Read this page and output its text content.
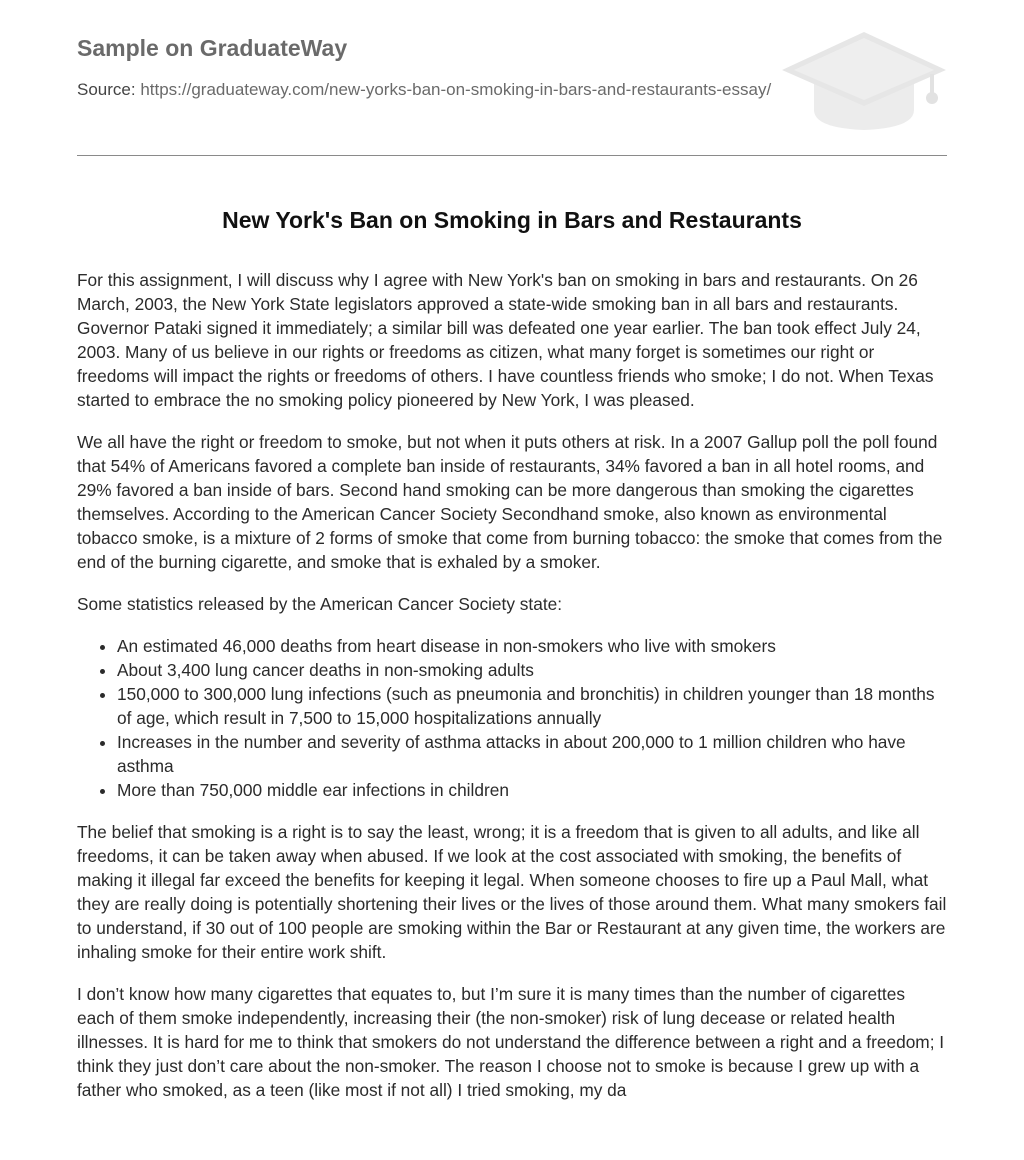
Sample on GraduateWay
Source: https://graduateway.com/new-yorks-ban-on-smoking-in-bars-and-restaurants-essay/
New York's Ban on Smoking in Bars and Restaurants

For this assignment, I will discuss why I agree with New York's ban on smoking in bars and restaurants. On 26 March, 2003, the New York State legislators approved a state-wide smoking ban in all bars and restaurants. Governor Pataki signed it immediately; a similar bill was defeated one year earlier. The ban took effect July 24, 2003. Many of us believe in our rights or freedoms as citizen, what many forget is sometimes our right or freedoms will impact the rights or freedoms of others. I have countless friends who smoke; I do not. When Texas started to embrace the no smoking policy pioneered by New York, I was pleased.

We all have the right or freedom to smoke, but not when it puts others at risk. In a 2007 Gallup poll the poll found that 54% of Americans favored a complete ban inside of restaurants, 34% favored a ban in all hotel rooms, and 29% favored a ban inside of bars. Second hand smoking can be more dangerous than smoking the cigarettes themselves. According to the American Cancer Society Secondhand smoke, also known as environmental tobacco smoke, is a mixture of 2 forms of smoke that come from burning tobacco: the smoke that comes from the end of the burning cigarette, and smoke that is exhaled by a smoker.

Some statistics released by the American Cancer Society state:

• An estimated 46,000 deaths from heart disease in non-smokers who live with smokers
• About 3,400 lung cancer deaths in non-smoking adults
• 150,000 to 300,000 lung infections (such as pneumonia and bronchitis) in children younger than 18 months of age, which result in 7,500 to 15,000 hospitalizations annually
• Increases in the number and severity of asthma attacks in about 200,000 to 1 million children who have asthma
• More than 750,000 middle ear infections in children

The belief that smoking is a right is to say the least, wrong; it is a freedom that is given to all adults, and like all freedoms, it can be taken away when abused. If we look at the cost associated with smoking, the benefits of making it illegal far exceed the benefits for keeping it legal. When someone chooses to fire up a Paul Mall, what they are really doing is potentially shortening their lives or the lives of those around them. What many smokers fail to understand, if 30 out of 100 people are smoking within the Bar or Restaurant at any given time, the workers are inhaling smoke for their entire work shift.

I don’t know how many cigarettes that equates to, but I’m sure it is many times than the number of cigarettes each of them smoke independently, increasing their (the non-smoker) risk of lung decease or related health illnesses. It is hard for me to think that smokers do not understand the difference between a right and a freedom; I think they just don’t care about the non-smoker. The reason I choose not to smoke is because I grew up with a father who smoked, as a teen (like most if not all) I tried smoking, my da
